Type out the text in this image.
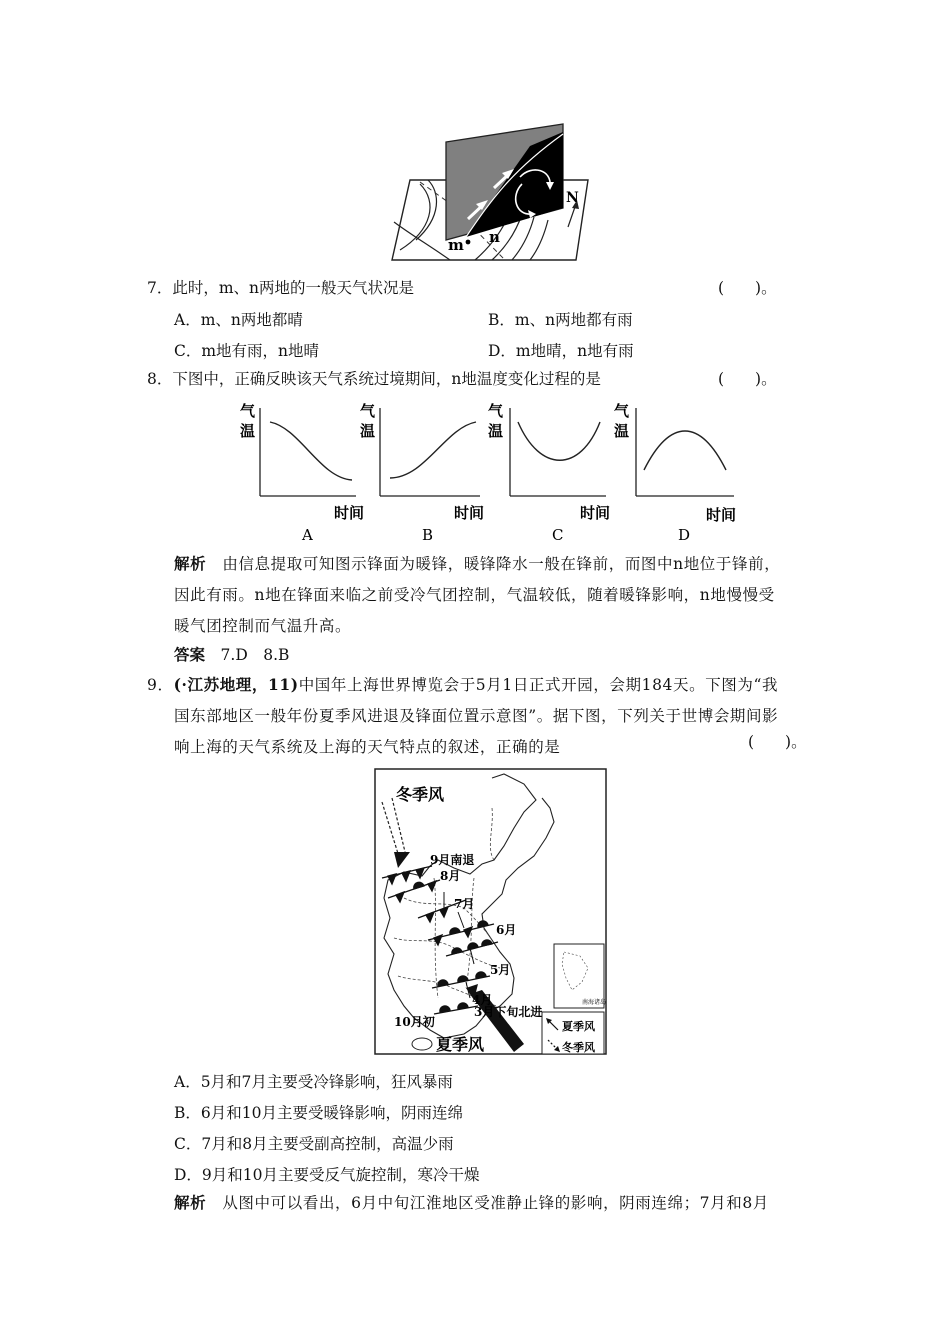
N
m n
7．此时，m、n两地的一般天气状况是	(　　)。
A．m、n两地都晴	B．m、n两地都有雨
C．m地有雨，n地晴	D．m地晴，n地有雨
8．下图中，正确反映该天气系统过境期间，n地温度变化过程的是	(　　)。
气
温
时间
A
气
温
时间
B
气
温
时间
C
气
温
时间
D
解析　 由信息提取可知图示锋面为暖锋，暖锋降水一般在锋前，而图中n地位于锋前，
因此有雨。n地在锋面来临之前受冷气团控制，气温较低，随着暖锋影响，n地慢慢受
暖气团控制而气温升高。
答案　 7.D　8.B
9．(·江苏地理，11)中国年上海世界博览会于5月1日正式开园，会期184天。下图为“我
国东部地区一般年份夏季风进退及锋面位置示意图”。据下图，下列关于世博会期间影
响上海的天气系统及上海的天气特点的叙述，正确的是	(　　)。
冬季风
夏季风
9月南退
8月
7月
6月
5月
4月
10月初
3月下旬北进
南海诸岛
夏季风
冬季风
A．5月和7月主要受冷锋影响，狂风暴雨
B．6月和10月主要受暖锋影响，阴雨连绵
C．7月和8月主要受副高控制，高温少雨
D．9月和10月主要受反气旋控制，寒冷干燥
解析　 从图中可以看出，6月中旬江淮地区受准静止锋的影响，阴雨连绵；7月和8月
